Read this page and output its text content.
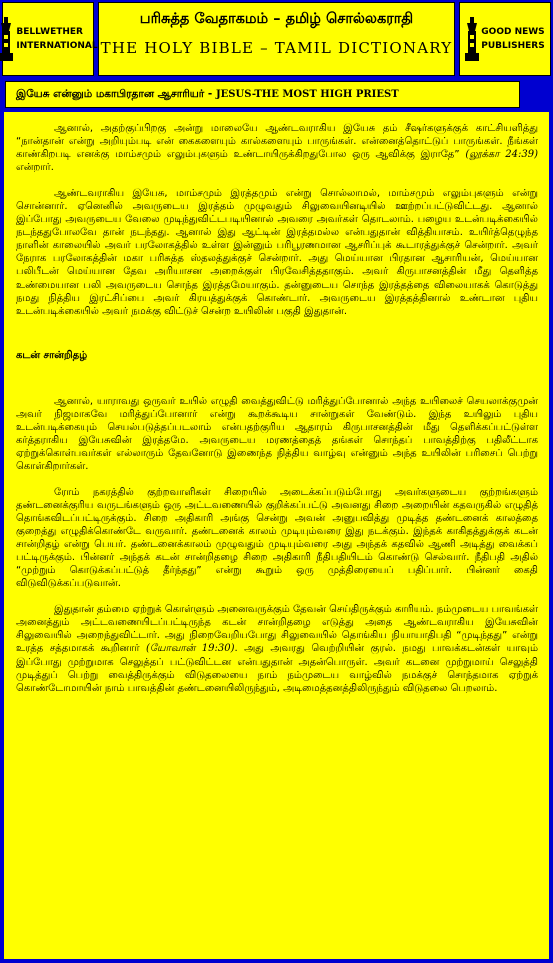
BELLWETHER
INTERNATIONAL
பரிசுத்த வேதாகமம் – தமிழ் சொல்லகராதி
THE HOLY BIBLE – TAMIL DICTIONARY
GOOD NEWS
PUBLISHERS
இயேசு என்னும் மகாபிரதான ஆசாரியர் - JESUS-THE MOST HIGH PRIEST

ஆனால், அதற்குப்பிறகு அன்று மாலையே ஆண்டவராகிய இயேசு தம் சீஷர்களுக்குக் காட்சியளித்து “நான்தான் என்று அறியும்படி என் கைகளையும் கால்களையும் பாருங்கள். என்னைத்தொட்டுப் பாருங்கள். நீங்கள் காண்கிறபடி எனக்கு மாம்சமும் எலும்புகளும் உண்டாயிருக்கிறதுபோல ஒரு ஆவிக்கு இராதே” (லூக்கா 24:39) என்றார்.

ஆண்டவராகிய இயேசு, மாம்சமும் இரத்தமும் என்று சொல்லாமல், மாம்சமும் எலும்புகளும் என்று சொன்னார். ஏனெனில் அவருடைய இரத்தம் முழுவதும் சிலுவையினடியில் ஊற்றப்பட்டுவிட்டது. ஆனால் இப்போது அவருடைய வேலை முடிந்துவிட்டபடியினால் அவரை அவர்கள் தொடலாம். பழைய உடன்படிக்கையில் நடந்ததுபோலவே தான் நடந்தது. ஆனால் இது ஆட்டின் இரத்தமல்ல என்பதுதான் வித்தியாசம். உயிர்த்தெழுந்த நாளின் காலையில் அவர் பரலோகத்தில் உள்ள இன்னும் பரிபூரணமான ஆசரிப்புக் கூடாரத்துக்குச் சென்றார். அவர் நேராக பரலோகத்தின் மகா பரிசுத்த ஸ்தலத்துக்குச் சென்றார். அது மெய்யான பிரதான ஆசாரியன், மெய்யான பலிபீடன் மெய்யான தேவ அரியாசன அறைக்குள் பிரவேசித்ததாகும். அவர் கிருபாசனத்தின் மீது தெளித்த உண்மையான பலி அவருடைய சொந்த இரத்தமேயாகும். தன்னுடைய சொந்த இரத்தத்தை விலையாகக் கொடுத்து நமது நித்திய இரட்சிப்பை அவர் கிரயத்துக்குக் கொண்டார். அவருடைய இரத்தத்தினால் உண்டான புதிய உடன்படிக்கையில் அவர் நமக்கு விட்டுச் சென்ற உயிலின் பகுதி இதுதான்.

கடன் சான்றிதழ்

ஆனால், யாராவது ஒருவர் உயில் எழுதி வைத்துவிட்டு மரித்துப்போனால் அந்த உயிலைச் செயலாக்குமுன் அவர் நிஜமாகவே மரித்துப்போனார் என்று கூறக்கூடிய சான்றுகள் வேண்டும். இந்த உயிலும் புதிய உடன்படிக்கையும் செயல்படுத்தப்படலாம் என்பதற்குரிய ஆதாரம் கிருபாசனத்தின் மீது தெளிக்கப்பட்டுள்ள கர்த்தராகிய இயேசுவின் இரத்தமே. அவருடைய மரணத்தைத் தங்கள் சொந்தப் பாவத்திற்கு பதிலீட்டாக ஏற்றுக்கொள்பவர்கள் எல்லாரும் தேவனோடு இணைந்த நித்திய வாழ்வு என்னும் அந்த உயிலின் பரிசைப் பெற்று கொள்கிறார்கள்.

ரோம் நகரத்தில் குற்றவாளிகள் சிறையில் அடைக்கப்படும்போது அவர்களுடைய குற்றங்களும் தண்டனைக்குரிய வருடங்களும் ஒரு அட்டவணையில் குறிக்கப்பட்டு அவனது சிறை அறையின் கதவருகில் எழுதித் தொங்கவிடப்பட்டிருக்கும். சிறை அதிகாரி அங்கு சென்று அவன் அனுபவித்து முடித்த தண்டனைக் காலத்தை குறைத்து எழுதிக்கொண்டே வருவார். தண்டனைக் காலம் முடியும்வரை இது நடக்கும். இந்தக் காகிதத்துக்குக் கடன் சான்றிதழ் என்று பெயர். தண்டனைக்காலம் முழுவதும் முடியும்வரை அது அந்தக் கதவில் ஆணி அடித்து வைக்கப் பட்டிருக்கும். பின்னர் அந்தக் கடன் சான்றிதழை சிறை அதிகாரி நீதிபதியிடம் கொண்டு செல்வார். நீதிபதி அதில் “முற்றும் கொடுக்கப்பட்டுத் தீர்ந்தது” என்று கூறும் ஒரு முத்திரையைப் பதிப்பார். பின்னர் கைதி விடுவிடுக்கப்படுவான்.

இதுதான் தம்மை ஏற்றுக் கொள்ளும் அனைவருக்கும் தேவன் செய்திருக்கும் காரியம். நம்முடைய பாவங்கள் அனைத்தும் அட்டவணையிடப்பட்டிருந்த கடன் சான்றிதழை எடுத்து அதை ஆண்டவராகிய இயேசுவின் சிலுவையில் அறைந்துவிட்டார். அது நிறைவேறியபோது சிலுவையில் தொங்கிய நியாயாதிபதி “முடிந்தது” என்று உரத்த சத்தமாகக் கூறினார் (யோவான் 19:30). அது அவரது வெற்றியின் குரல். நமது பாவக்கடன்கள் யாவும் இப்போது முற்றுமாக செலுத்தப் பட்டுவிட்டன என்பதுதான் அதன்பொருள். அவர் கடனை முற்றுமாய் செலுத்தி முடித்துப் பெற்று வைத்திருக்கும் விடுதலையை நாம் நம்முடைய வாழ்வில் நமக்குச் சொந்தமாக ஏற்றுக் கொண்டோமாயின் நாம் பாவத்தின் தண்டனையிலிருந்தும், அடிமைத்தனத்திலிருந்தும் விடுதலை பெறலாம்.
